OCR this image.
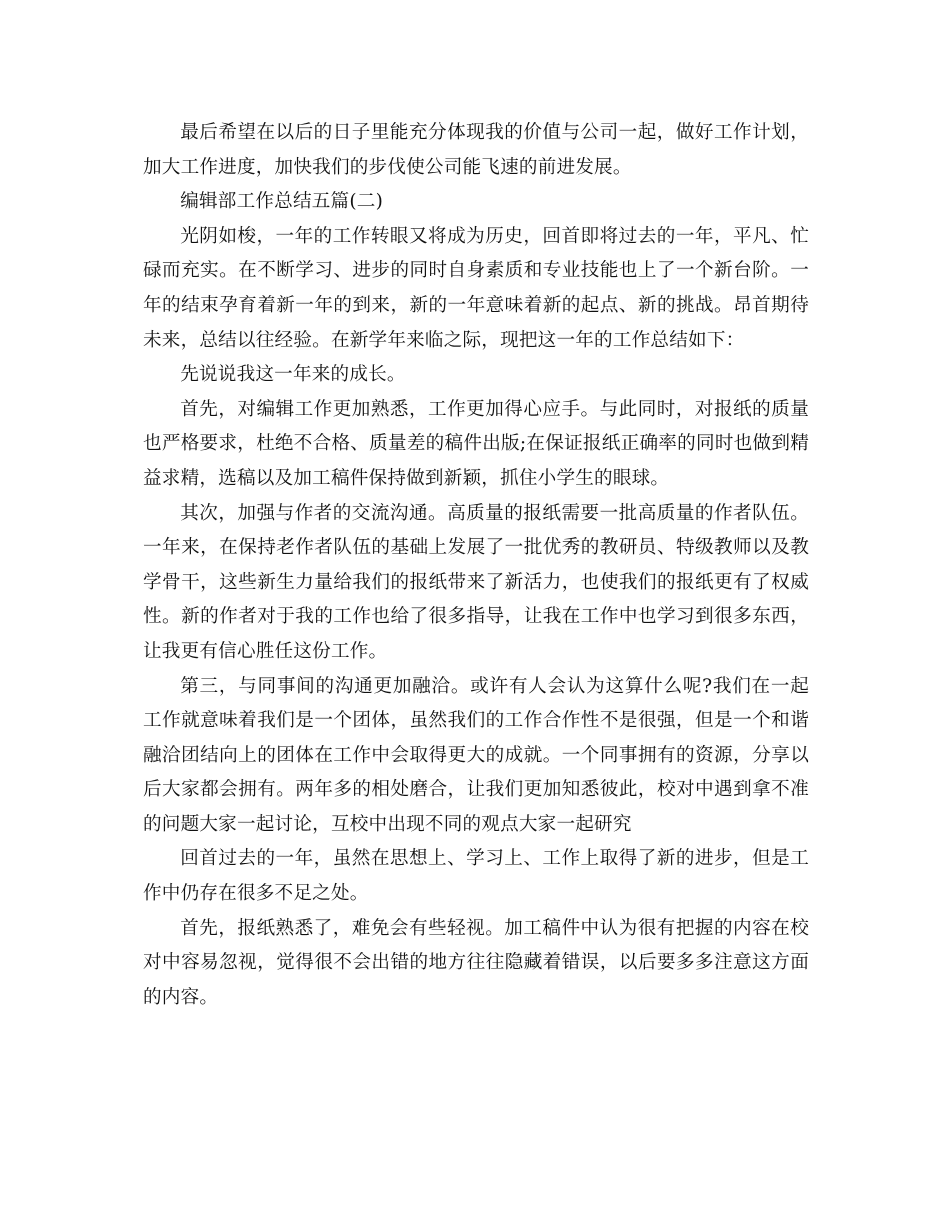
最后希望在以后的日子里能充分体现我的价值与公司一起，做好工作计划，加大工作进度，加快我们的步伐使公司能飞速的前进发展。

编辑部工作总结五篇(二)

光阴如梭，一年的工作转眼又将成为历史，回首即将过去的一年，平凡、忙碌而充实。在不断学习、进步的同时自身素质和专业技能也上了一个新台阶。一年的结束孕育着新一年的到来，新的一年意味着新的起点、新的挑战。昂首期待未来，总结以往经验。在新学年来临之际，现把这一年的工作总结如下：

先说说我这一年来的成长。

首先，对编辑工作更加熟悉，工作更加得心应手。与此同时，对报纸的质量也严格要求，杜绝不合格、质量差的稿件出版;在保证报纸正确率的同时也做到精益求精，选稿以及加工稿件保持做到新颖，抓住小学生的眼球。

其次，加强与作者的交流沟通。高质量的报纸需要一批高质量的作者队伍。一年来，在保持老作者队伍的基础上发展了一批优秀的教研员、特级教师以及教学骨干，这些新生力量给我们的报纸带来了新活力，也使我们的报纸更有了权威性。新的作者对于我的工作也给了很多指导，让我在工作中也学习到很多东西，让我更有信心胜任这份工作。

第三，与同事间的沟通更加融洽。或许有人会认为这算什么呢?我们在一起工作就意味着我们是一个团体，虽然我们的工作合作性不是很强，但是一个和谐融洽团结向上的团体在工作中会取得更大的成就。一个同事拥有的资源，分享以后大家都会拥有。两年多的相处磨合，让我们更加知悉彼此，校对中遇到拿不准的问题大家一起讨论，互校中出现不同的观点大家一起研究

回首过去的一年，虽然在思想上、学习上、工作上取得了新的进步，但是工作中仍存在很多不足之处。

首先，报纸熟悉了，难免会有些轻视。加工稿件中认为很有把握的内容在校对中容易忽视，觉得很不会出错的地方往往隐藏着错误，以后要多多注意这方面的内容。
